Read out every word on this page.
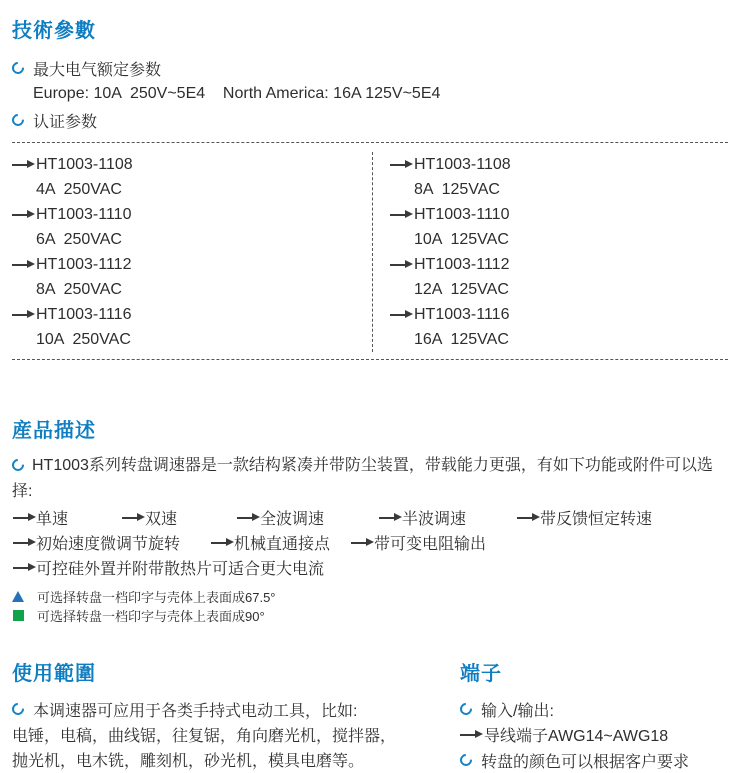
技術參數
最大电气额定参数
Europe: 10A  250V~5E4    North America: 16A 125V~5E4
认证参数
HT1003-1108
4A  250VAC
HT1003-1110
6A  250VAC
HT1003-1112
8A  250VAC
HT1003-1116
10A  250VAC
HT1003-1108
8A  125VAC
HT1003-1110
10A  125VAC
HT1003-1112
12A  125VAC
HT1003-1116
16A  125VAC
産品描述

HT1003系列转盘调速器是一款结构紧凑并带防尘装置，带载能力更强，有如下功能或附件可以选择:

单速	双速	全波调速	半波调速	带反馈恒定转速
初始速度微调节旋转	机械直通接点	带可变电阻输出
可控硅外置并附带散热片可适合更大电流
可选择转盘一档印字与壳体上表面成67.5°
可选择转盘一档印字与壳体上表面成90°
使用範圍
本调速器可应用于各类手持式电动工具，比如:
电锤，电稿，曲线锯，往复锯，角向磨光机，搅拌器，
抛光机，电木铣，雕刻机，砂光机，模具电磨等。
端子
输入/输出:
导线端子AWG14~AWG18
转盘的颜色可以根据客户要求
